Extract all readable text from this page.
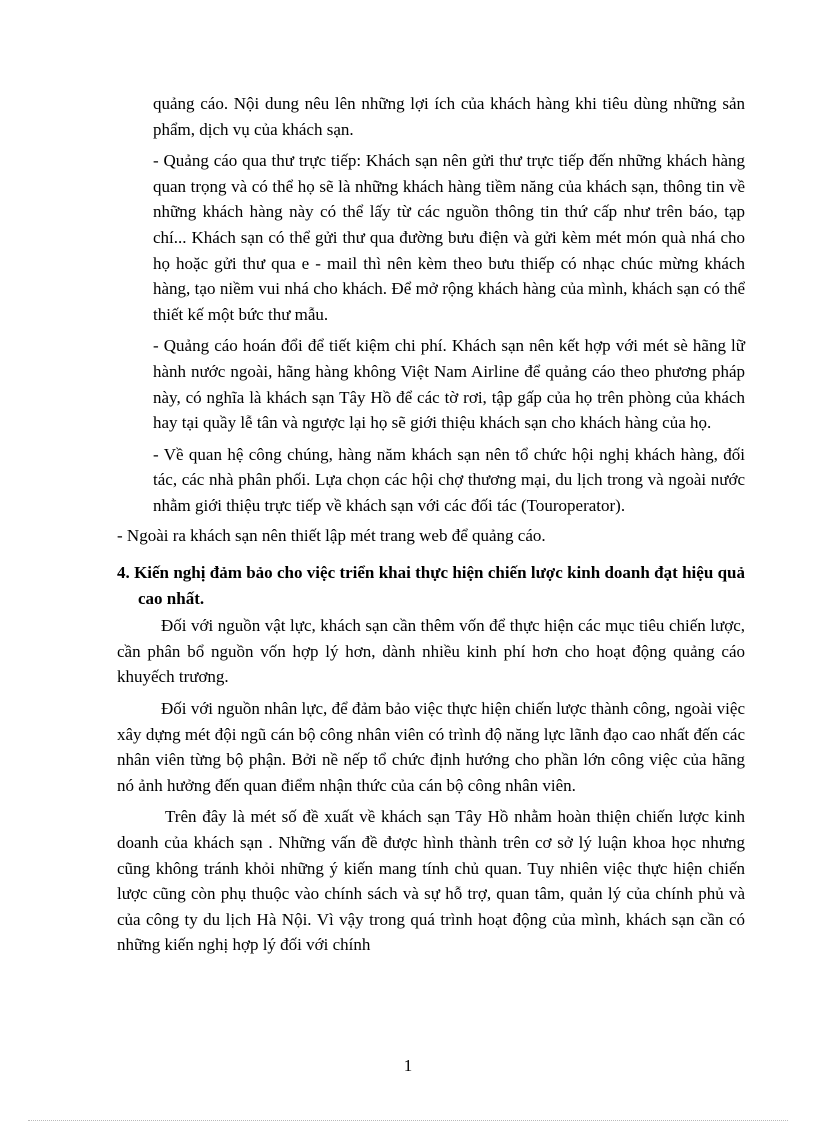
quảng cáo. Nội dung nêu lên những lợi ích của khách hàng khi tiêu dùng những sản phẩm, dịch vụ của khách sạn.

- Quảng cáo qua thư trực tiếp: Khách sạn nên gửi thư trực tiếp đến những khách hàng quan trọng và có thể họ sẽ là những khách hàng tiềm năng của khách sạn, thông tin về những khách hàng này có thể lấy từ các nguồn thông tin thứ cấp như trên báo, tạp chí... Khách sạn có thể gửi thư qua đường bưu điện và gửi kèm mét món quà nhá cho họ hoặc gửi thư qua e - mail thì nên kèm theo bưu thiếp có nhạc chúc mừng khách hàng, tạo niềm vui nhá cho khách. Để mở rộng khách hàng của mình, khách sạn có thể thiết kế một bức thư mẫu.

- Quảng cáo hoán đổi để tiết kiệm chi phí. Khách sạn nên kết hợp với mét sè hãng lữ hành nước ngoài, hãng hàng không Việt Nam Airline để quảng cáo theo phương pháp này, có nghĩa là khách sạn Tây Hồ để các tờ rơi, tập gấp của họ trên phòng của khách hay tại quầy lễ tân và ngược lại họ sẽ giới thiệu khách sạn cho khách hàng của họ.

- Về quan hệ công chúng, hàng năm khách sạn nên tổ chức hội nghị khách hàng, đối tác, các nhà phân phối. Lựa chọn các hội chợ thương mại, du lịch trong và ngoài nước nhằm giới thiệu trực tiếp về khách sạn với các đối tác (Touroperator).

- Ngoài ra khách sạn nên thiết lập mét trang web để quảng cáo.

4. Kiến nghị đảm bảo cho việc triển khai thực hiện chiến lược kinh doanh đạt hiệu quả cao nhất.

Đối với nguồn vật lực, khách sạn cần thêm vốn để thực hiện các mục tiêu chiến lược, cần phân bổ nguồn vốn hợp lý hơn, dành nhiều kinh phí hơn cho hoạt động quảng cáo khuyếch trương.

Đối với nguồn nhân lực, để đảm bảo việc thực hiện chiến lược thành công, ngoài việc xây dựng mét đội ngũ cán bộ công nhân viên có trình độ năng lực lãnh đạo cao nhất đến các nhân viên từng bộ phận. Bởi nề nếp tổ chức định hướng cho phần lớn công việc của hãng nó ảnh hưởng đến quan điểm nhận thức của cán bộ công nhân viên.

Trên đây là mét số đề xuất về khách sạn Tây Hồ nhằm hoàn thiện chiến lược kinh doanh của khách sạn . Những vấn đề được hình thành trên cơ sở lý luận khoa học nhưng cũng không tránh khỏi những ý kiến mang tính chủ quan. Tuy nhiên việc thực hiện chiến lược cũng còn phụ thuộc vào chính sách và sự hỗ trợ, quan tâm, quản lý của chính phủ và của công ty du lịch Hà Nội. Vì vậy trong quá trình hoạt động của mình, khách sạn cần có những kiến nghị hợp lý đối với chính

1
